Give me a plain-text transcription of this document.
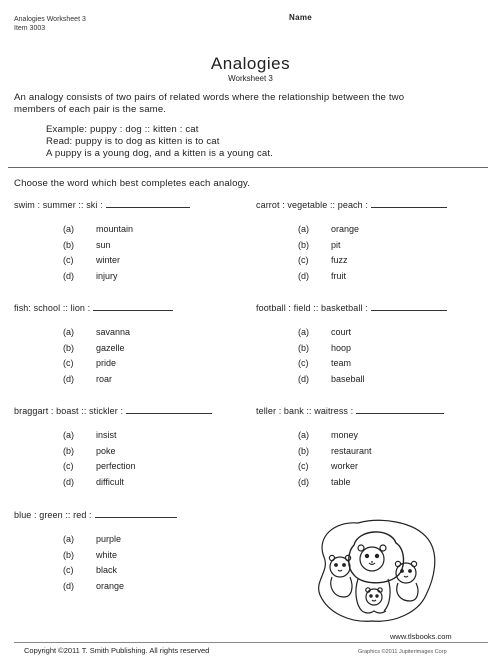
Analogies Worksheet 3
Item 3003
Name
Analogies
Worksheet 3
An analogy consists of two pairs of related words where the relationship between the two
members of each pair is the same.
Example: puppy : dog :: kitten : cat
Read: puppy is to dog as kitten is to cat
A puppy is a young dog, and a kitten is a young cat.
Choose the word which best completes each analogy.
swim : summer :: ski :
(a) mountain
(b) sun
(c)	winter
(d) injury
carrot : vegetable :: peach :
(a) orange
(b) pit
(c)	fuzz
(d) fruit
fish: school :: lion :
(a) savanna
(b) gazelle
(c)	pride
(d) roar
football : field :: basketball :
(a) court
(b) hoop
(c)	team
(d) baseball
braggart : boast :: stickler :
(a) insist
(b) poke
(c)	perfection
(d) difficult
teller : bank :: waitress :
(a) money
(b) restaurant
(c)	worker
(d) table
blue : green :: red :
(a) purple
(b) white
(c)	black
(d) orange
www.tlsbooks.com
Copyright ©2011 T. Smith Publishing. All rights reserved	Graphics ©2011 Jupiterimages Corp
